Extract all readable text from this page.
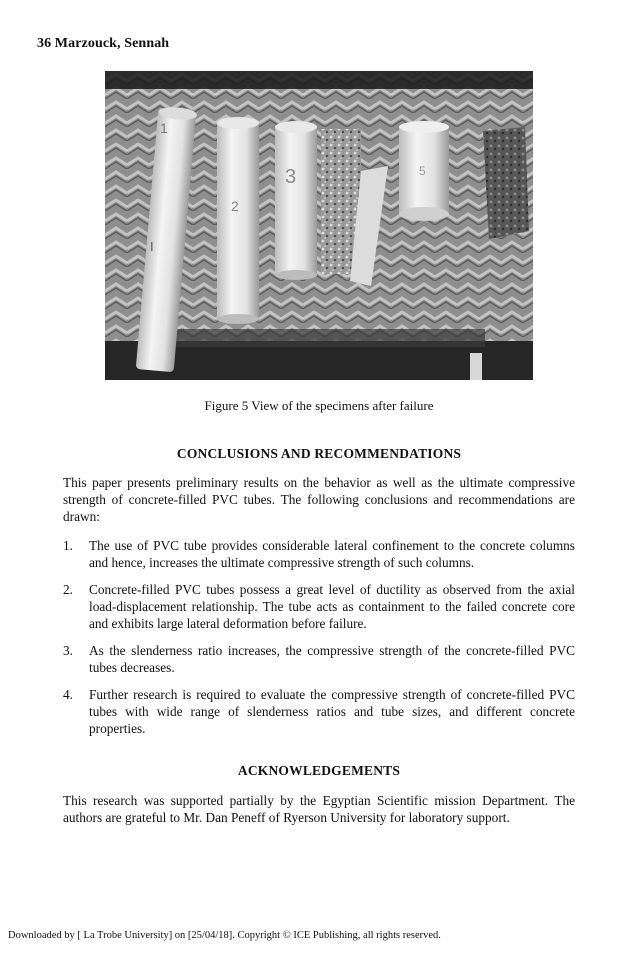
36 Marzouck, Sennah
1
I
2
3	5
Figure 5 View of the specimens after failure
CONCLUSIONS AND RECOMMENDATIONS

This paper presents preliminary results on the behavior as well as the ultimate compressive strength of concrete-filled PVC tubes. The following conclusions and recommendations are drawn:

1. The use of PVC tube provides considerable lateral confinement to the concrete columns and hence, increases the ultimate compressive strength of such columns.

2. Concrete-filled PVC tubes possess a great level of ductility as observed from the axial load-displacement relationship. The tube acts as containment to the failed concrete core and exhibits large lateral deformation before failure.

3. As the slenderness ratio increases, the compressive strength of the concrete-filled PVC tubes decreases.

4. Further research is required to evaluate the compressive strength of concrete-filled PVC tubes with wide range of slenderness ratios and tube sizes, and different concrete properties.

ACKNOWLEDGEMENTS

This research was supported partially by the Egyptian Scientific mission Department. The authors are grateful to Mr. Dan Peneff of Ryerson University for laboratory support.

Downloaded by [ La Trobe University] on [25/04/18]. Copyright © ICE Publishing, all rights reserved.
